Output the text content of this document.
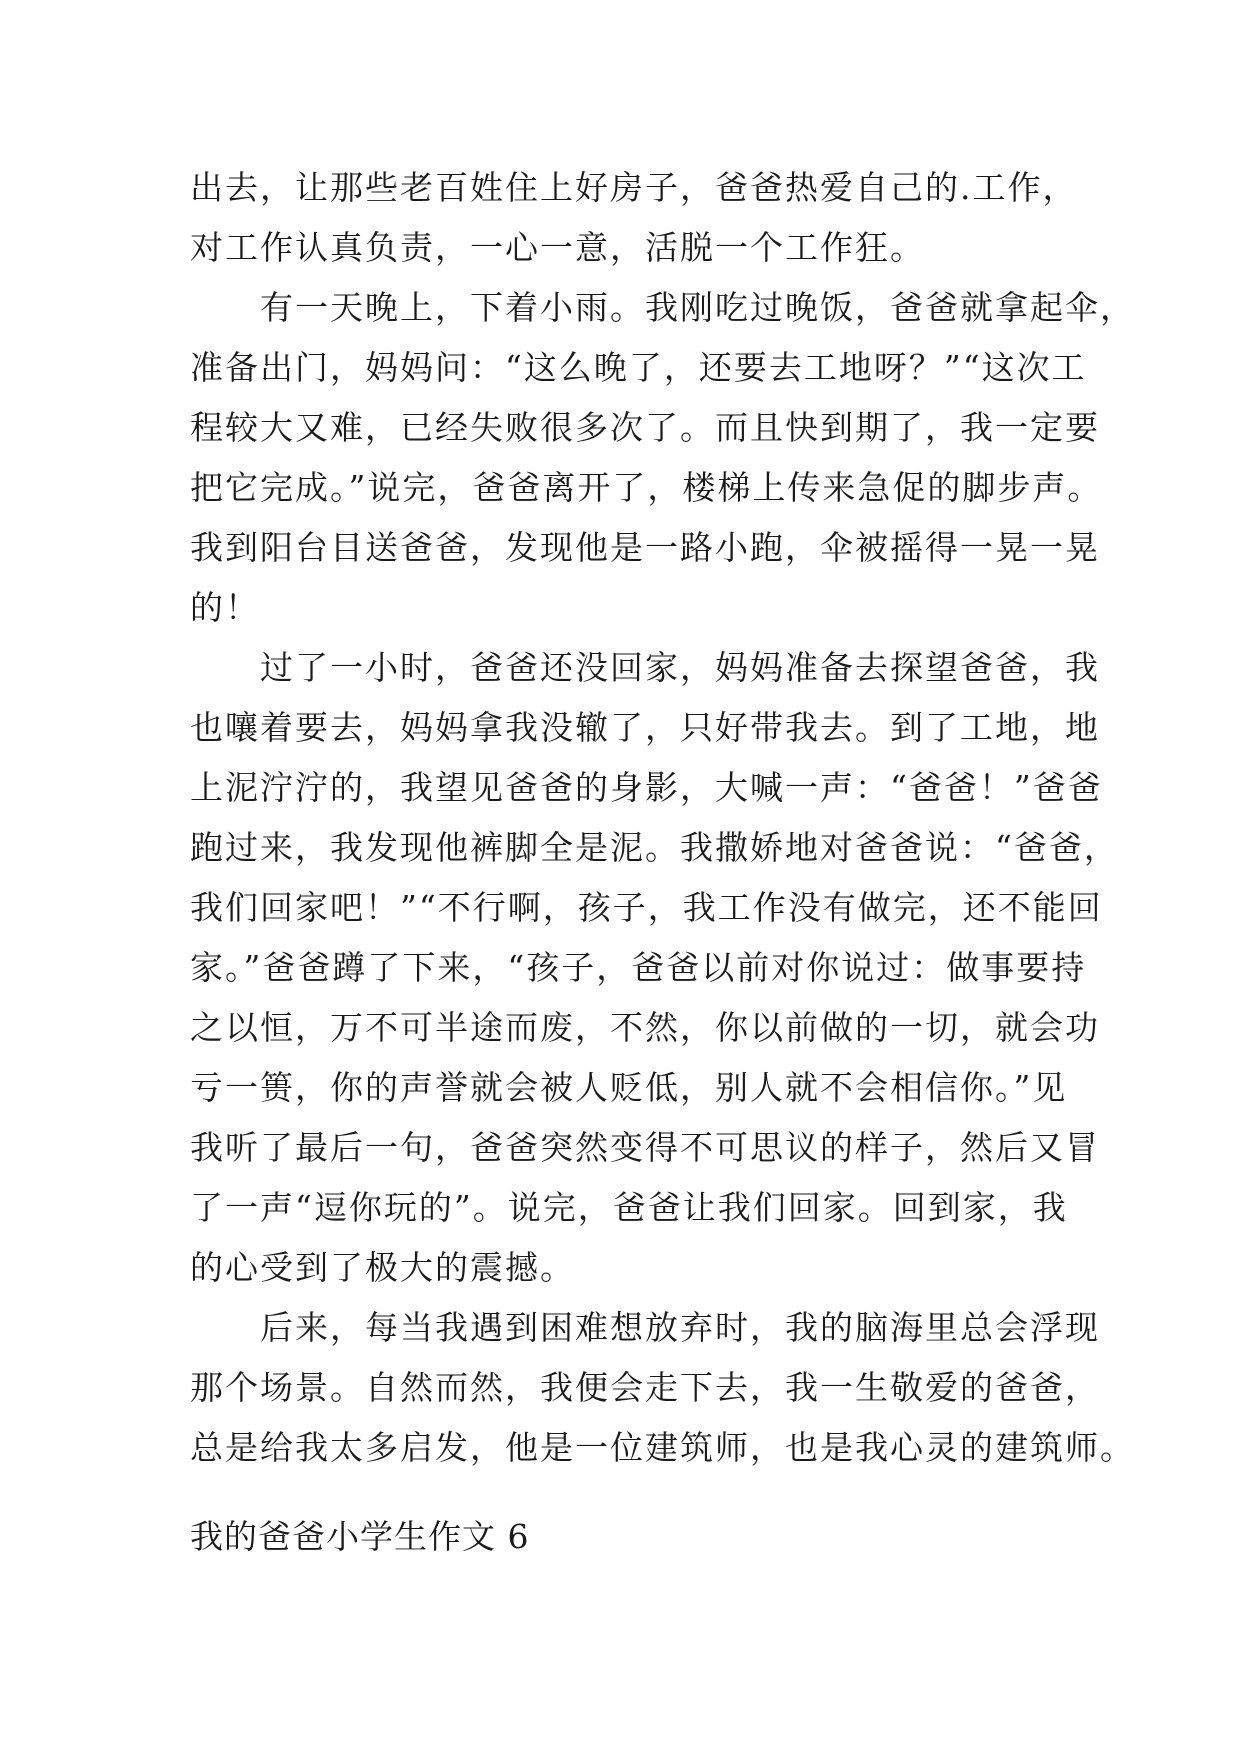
出去，让那些老百姓住上好房子，爸爸热爱自己的.工作，
对工作认真负责，一心一意，活脱一个工作狂。
　　有一天晚上，下着小雨。我刚吃过晚饭，爸爸就拿起伞，
准备出门，妈妈问：“这么晚了，还要去工地呀？”“这次工
程较大又难，已经失败很多次了。而且快到期了，我一定要
把它完成。”说完，爸爸离开了，楼梯上传来急促的脚步声。
我到阳台目送爸爸，发现他是一路小跑，伞被摇得一晃一晃
的！
　　过了一小时，爸爸还没回家，妈妈准备去探望爸爸，我
也嚷着要去，妈妈拿我没辙了，只好带我去。到了工地，地
上泥泞泞的，我望见爸爸的身影，大喊一声：“爸爸！”爸爸
跑过来，我发现他裤脚全是泥。我撒娇地对爸爸说：“爸爸，
我们回家吧！”“不行啊，孩子，我工作没有做完，还不能回
家。”爸爸蹲了下来，“孩子，爸爸以前对你说过：做事要持
之以恒，万不可半途而废，不然，你以前做的一切，就会功
亏一篑，你的声誉就会被人贬低，别人就不会相信你。”见
我听了最后一句，爸爸突然变得不可思议的样子，然后又冒
了一声“逗你玩的”。说完，爸爸让我们回家。回到家，我
的心受到了极大的震撼。
　　后来，每当我遇到困难想放弃时，我的脑海里总会浮现
那个场景。自然而然，我便会走下去，我一生敬爱的爸爸，
总是给我太多启发，他是一位建筑师，也是我心灵的建筑师。
我的爸爸小学生作文 6
